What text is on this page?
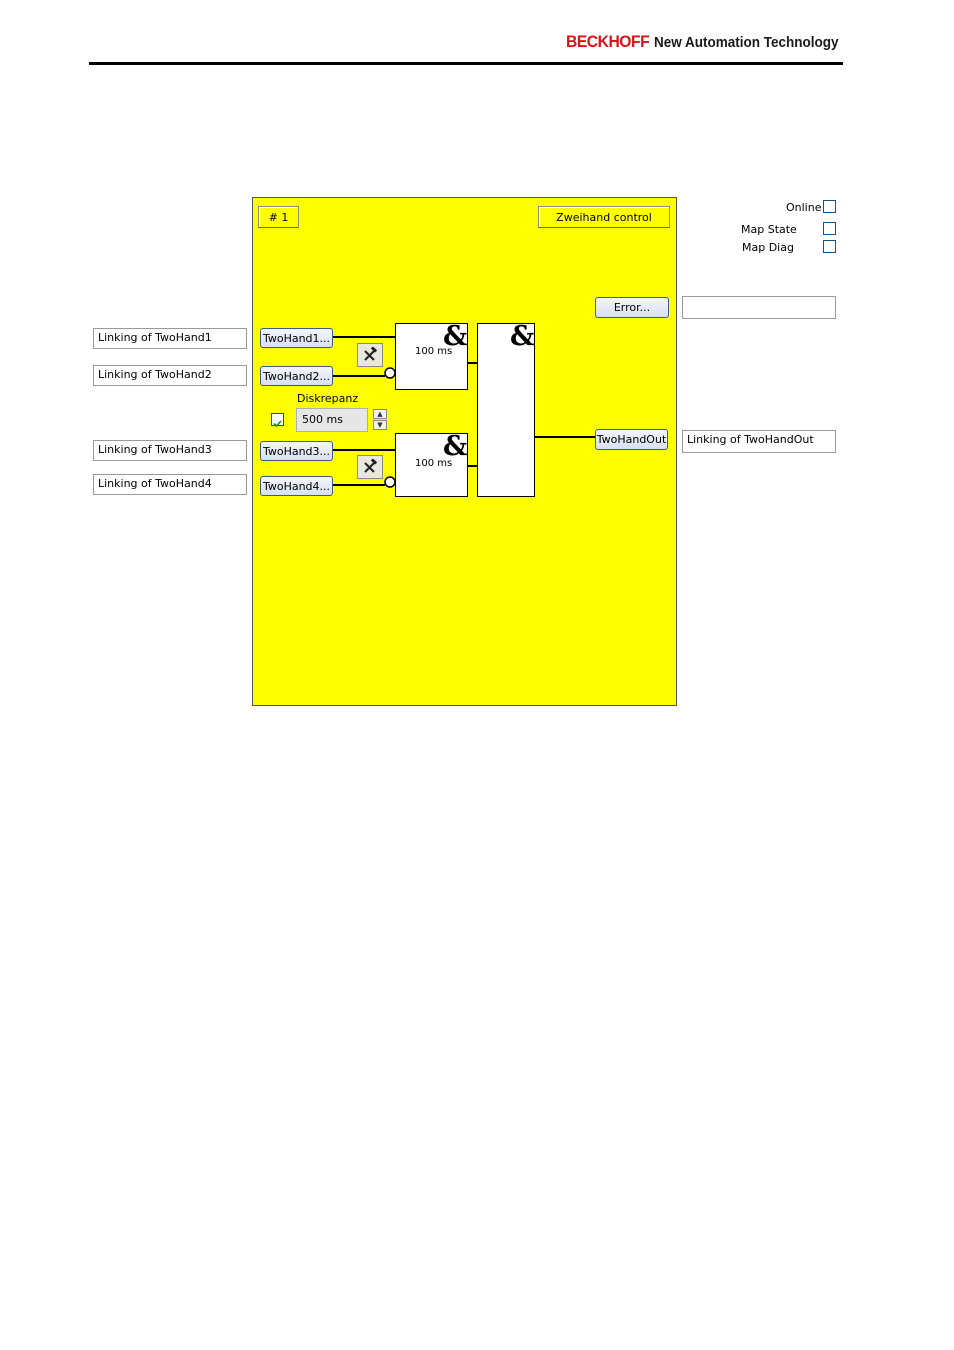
BECKHOFF New Automation Technology
# 1	Zweihand control
Error...
TwoHand1...
TwoHand2...
TwoHand3...
TwoHand4...
&
100 ms
&
100 ms
&
Diskrepanz
500 ms	▲
▼
TwoHandOut
Linking of TwoHand1
Linking of TwoHand2
Linking of TwoHand3
Linking of TwoHand4
Linking of TwoHandOut
Online
Map State
Map Diag
